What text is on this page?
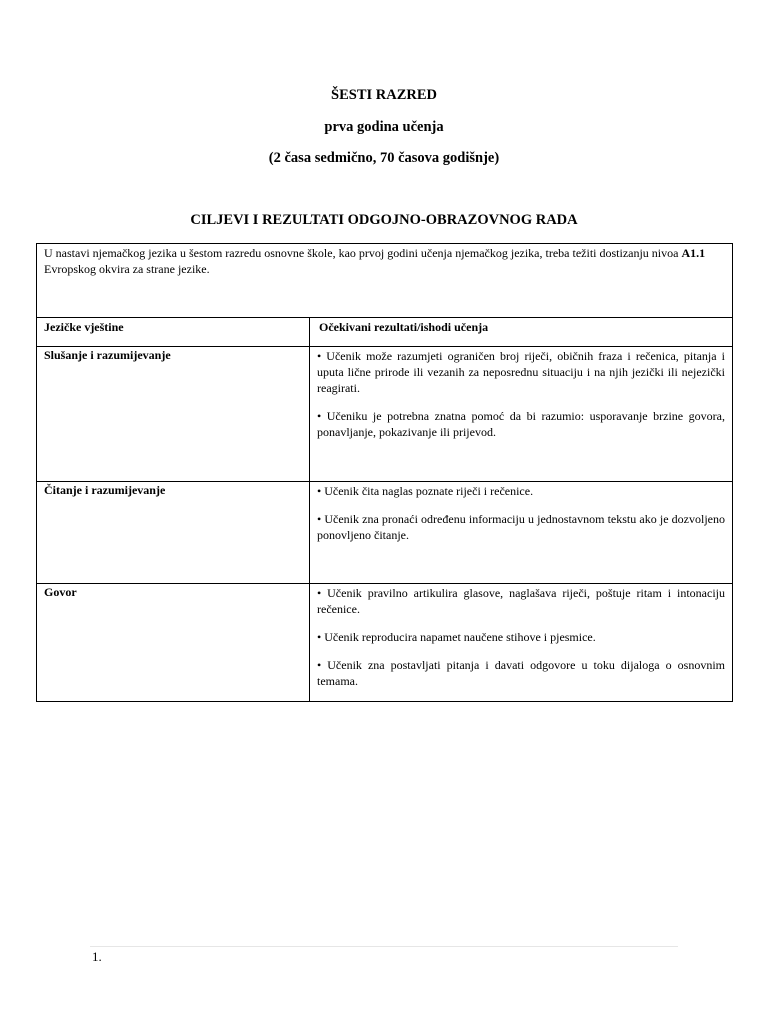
ŠESTI RAZRED
prva godina učenja
(2 časa sedmično, 70 časova godišnje)
CILJEVI I REZULTATI ODGOJNO-OBRAZOVNOG RADA
U nastavi njemačkog jezika u šestom razredu osnovne škole, kao prvoj godini učenja njemačkog jezika, treba težiti dostizanju nivoa A1.1 Evropskog okvira za strane jezike.	
Jezičke vještine	Očekivani rezultati/ishodi učenja
Slušanje i razumijevanje	• Učenik može razumjeti ograničen broj riječi, običnih fraza i rečenica, pitanja i uputa lične prirode ili vezanih za neposrednu situaciju i na njih jezički ili nejezički reagirati.

• Učeniku je potrebna znatna pomoć da bi razumio: usporavanje brzine govora, ponavljanje, pokazivanje ili prijevod.

Čitanje i razumijevanje	• Učenik čita naglas poznate riječi i rečenice.

• Učenik zna pronaći određenu informaciju u jednostavnom tekstu ako je dozvoljeno ponovljeno čitanje.

Govor	• Učenik pravilno artikulira glasove, naglašava riječi, poštuje ritam i intonaciju rečenice.

• Učenik reproducira napamet naučene stihove i pjesmice.

• Učenik zna postavljati pitanja i davati odgovore u toku dijaloga o osnovnim temama.

1.
